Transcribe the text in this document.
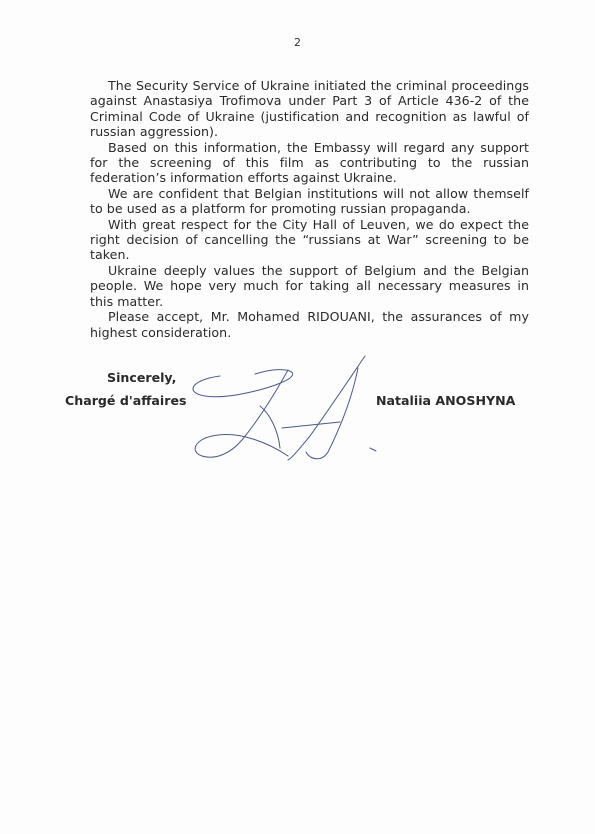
2

The Security Service of Ukraine initiated the criminal proceedings against Anastasiya Trofimova under Part 3 of Article 436-2 of the Criminal Code of Ukraine (justification and recognition as lawful of russian aggression).

Based on this information, the Embassy will regard any support for the screening of this film as contributing to the russian federation’s information efforts against Ukraine.

We are confident that Belgian institutions will not allow themself to be used as a platform for promoting russian propaganda.

With great respect for the City Hall of Leuven, we do expect the right decision of cancelling the “russians at War” screening to be taken.

Ukraine deeply values the support of Belgium and the Belgian people. We hope very much for taking all necessary measures in this matter.

Please accept, Mr. Mohamed RIDOUANI, the assurances of my highest consideration.

Sincerely,
Chargé d'affaires	Nataliia ANOSHYNA
